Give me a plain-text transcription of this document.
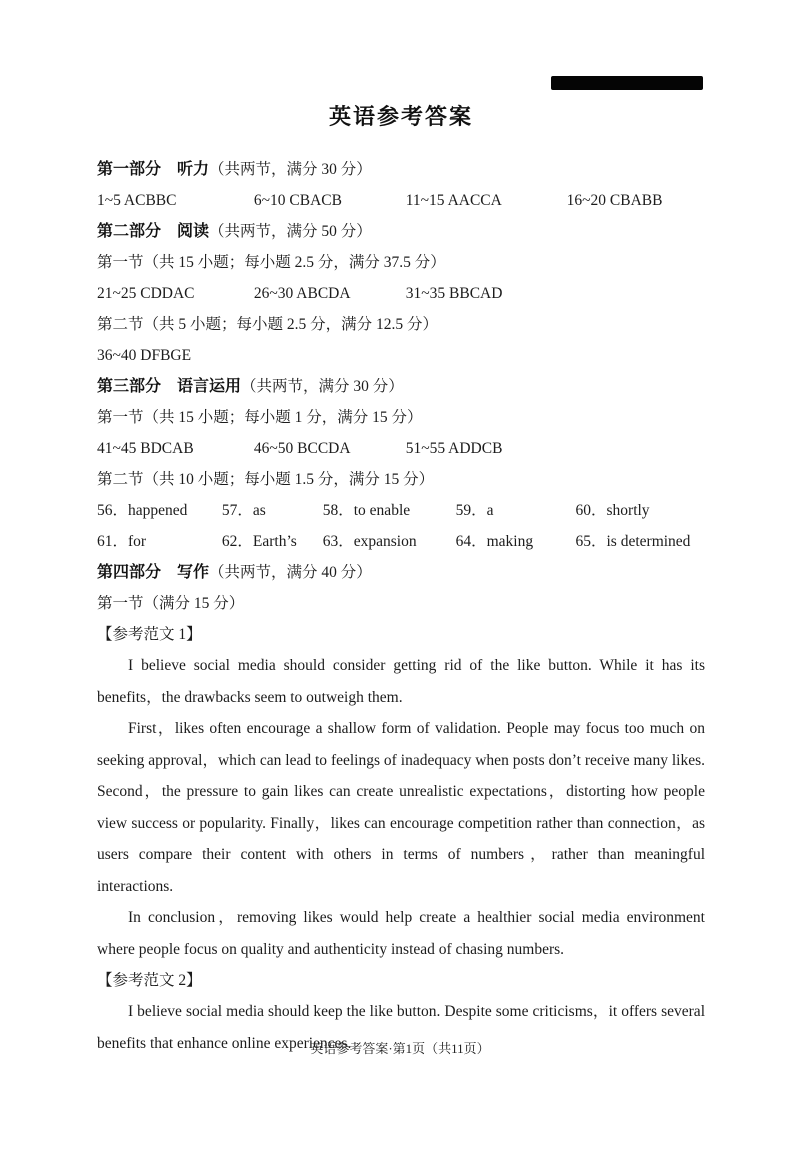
英语参考答案

第一部分　听力（共两节，满分 30 分）

1~5 ACBBC	6~10 CBACB	11~15 AACCA	16~20 CBABB

第二部分　阅读（共两节，满分 50 分）

第一节（共 15 小题；每小题 2.5 分，满分 37.5 分）

21~25 CDDAC	26~30 ABCDA	31~35 BBCAD

第二节（共 5 小题；每小题 2.5 分，满分 12.5 分）

36~40 DFBGE

第三部分　语言运用（共两节，满分 30 分）

第一节（共 15 小题；每小题 1 分，满分 15 分）

41~45 BDCAB	46~50 BCCDA	51~55 ADDCB

第二节（共 10 小题；每小题 1.5 分，满分 15 分）

56．happened 57．as	58．to enable	59．a	60．shortly

61．for	62．Earth’s 63．expansion	64．making	65．is determined

第四部分　写作（共两节，满分 40 分）

第一节（满分 15 分）

【参考范文 1】

I believe social media should consider getting rid of the like button. While it has its benefits，the drawbacks seem to outweigh them.

First，likes often encourage a shallow form of validation. People may focus too much on seeking approval，which can lead to feelings of inadequacy when posts don’t receive many likes. Second，the pressure to gain likes can create unrealistic expectations，distorting how people view success or popularity. Finally，likes can encourage competition rather than connection，as users compare their content with others in terms of numbers，rather than meaningful interactions.

In conclusion，removing likes would help create a healthier social media environment where people focus on quality and authenticity instead of chasing numbers.

【参考范文 2】

I believe social media should keep the like button. Despite some criticisms，it offers several benefits that enhance online experiences.

英语参考答案·第1页（共11页）
